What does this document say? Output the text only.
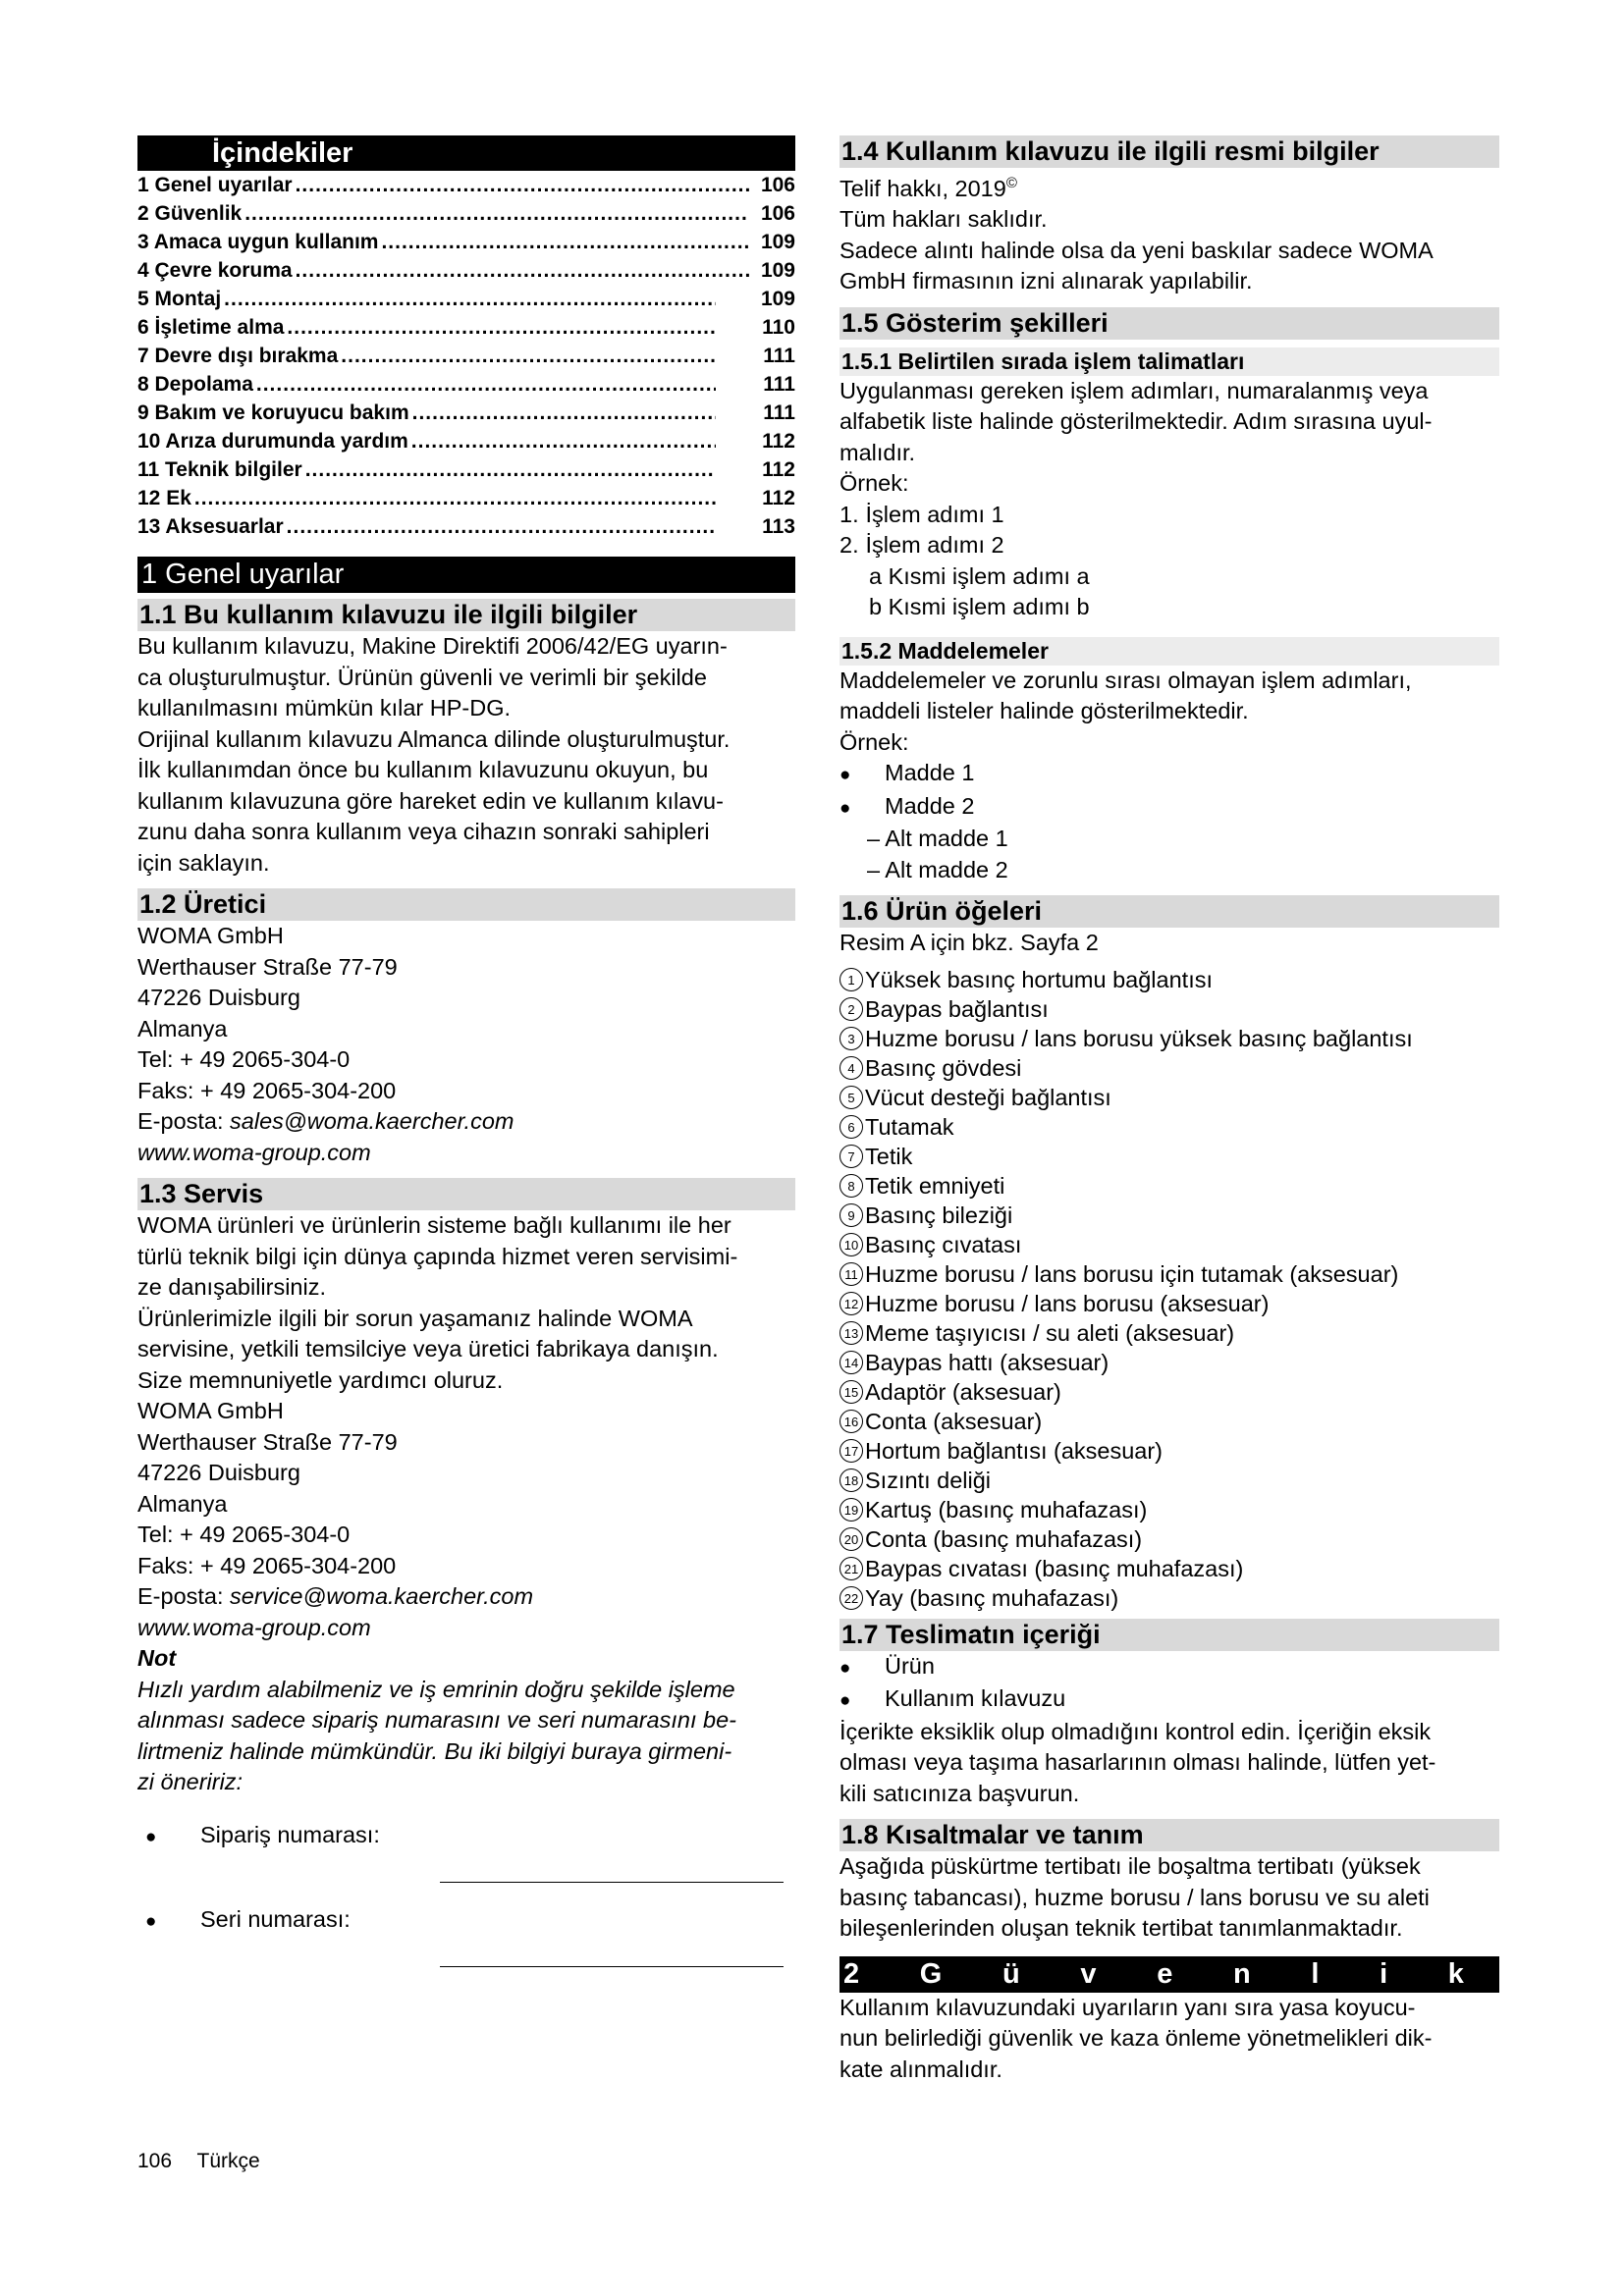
İçindekiler
1 Genel uyarılar .....	106
2 Güvenlik .....	106
3 Amaca uygun kullanım .....	109
4 Çevre koruma .....	109
5 Montaj .....	109
6 İşletime alma .....	110
7 Devre dışı bırakma .....	111
8 Depolama .....	111
9 Bakım ve koruyucu bakım .....	111
10 Arıza durumunda yardım .....	112
11 Teknik bilgiler .....	112
12 Ek .....	112
13 Aksesuarlar .....	113
1 Genel uyarılar
1.1 Bu kullanım kılavuzu ile ilgili bilgiler

Bu kullanım kılavuzu, Makine Direktifi 2006/42/EG uyarın-

ca oluşturulmuştur. Ürünün güvenli ve verimli bir şekilde

kullanılmasını mümkün kılar HP-DG.

Orijinal kullanım kılavuzu Almanca dilinde oluşturulmuştur.

İlk kullanımdan önce bu kullanım kılavuzunu okuyun, bu

kullanım kılavuzuna göre hareket edin ve kullanım kılavu-

zunu daha sonra kullanım veya cihazın sonraki sahipleri

için saklayın.

1.2 Üretici

WOMA GmbH

Werthauser Straße 77-79

47226 Duisburg

Almanya

Tel: + 49 2065-304-0

Faks: + 49 2065-304-200

E-posta: sales@woma.kaercher.com

www.woma-group.com

1.3 Servis

WOMA ürünleri ve ürünlerin sisteme bağlı kullanımı ile her

türlü teknik bilgi için dünya çapında hizmet veren servisimi-

ze danışabilirsiniz.

Ürünlerimizle ilgili bir sorun yaşamanız halinde WOMA

servisine, yetkili temsilciye veya üretici fabrikaya danışın.

Size memnuniyetle yardımcı oluruz.

WOMA GmbH

Werthauser Straße 77-79

47226 Duisburg

Almanya

Tel: + 49 2065-304-0

Faks: + 49 2065-304-200

E-posta: service@woma.kaercher.com

www.woma-group.com

Not

Hızlı yardım alabilmeniz ve iş emrinin doğru şekilde işleme

alınması sadece sipariş numarasını ve seri numarasını be-

lirtmeniz halinde mümkündür. Bu iki bilgiyi buraya girmeni-

zi öneririz:

●
Sipariş numarası:
●
Seri numarası:
1.4 Kullanım kılavuzu ile ilgili resmi bilgiler

Telif hakkı, 2019©

Tüm hakları saklıdır.

Sadece alıntı halinde olsa da yeni baskılar sadece WOMA

GmbH firmasının izni alınarak yapılabilir.

1.5 Gösterim şekilleri
1.5.1 Belirtilen sırada işlem talimatları

Uygulanması gereken işlem adımları, numaralanmış veya

alfabetik liste halinde gösterilmektedir. Adım sırasına uyul-

malıdır.

Örnek:

1. İşlem adımı 1
2. İşlem adımı 2

a Kısmi işlem adımı a

b Kısmi işlem adımı b

1.5.2 Maddelemeler

Maddelemeler ve zorunlu sırası olmayan işlem adımları,

maddeli listeler halinde gösterilmektedir.

Örnek:

●
Madde 1
●
Madde 2

– Alt madde 1

– Alt madde 2

1.6 Ürün öğeleri

Resim A için bkz. Sayfa 2

1 Yüksek basınç hortumu bağlantısı
2 Baypas bağlantısı
3 Huzme borusu / lans borusu yüksek basınç bağlantısı
4 Basınç gövdesi
5 Vücut desteği bağlantısı
6 Tutamak
7 Tetik
8 Tetik emniyeti
9 Basınç bileziği
10 Basınç cıvatası
11 Huzme borusu / lans borusu için tutamak (aksesuar)
12 Huzme borusu / lans borusu (aksesuar)
13 Meme taşıyıcısı / su aleti (aksesuar)
14 Baypas hattı (aksesuar)
15 Adaptör (aksesuar)
16 Conta (aksesuar)
17 Hortum bağlantısı (aksesuar)
18 Sızıntı deliği
19 Kartuş (basınç muhafazası)
20 Conta (basınç muhafazası)
21 Baypas cıvatası (basınç muhafazası)
22 Yay (basınç muhafazası)
1.7 Teslimatın içeriği
●
Ürün
●
Kullanım kılavuzu

İçerikte eksiklik olup olmadığını kontrol edin. İçeriğin eksik

olması veya taşıma hasarlarının olması halinde, lütfen yet-

kili satıcınıza başvurun.

1.8 Kısaltmalar ve tanım

Aşağıda püskürtme tertibatı ile boşaltma tertibatı (yüksek

basınç tabancası), huzme borusu / lans borusu ve su aleti

bileşenlerinden oluşan teknik tertibat tanımlanmaktadır.

2 G ü v e n l i k

Kullanım kılavuzundaki uyarıların yanı sıra yasa koyucu-

nun belirlediği güvenlik ve kaza önleme yönetmelikleri dik-

kate alınmalıdır.

106 Türkçe
